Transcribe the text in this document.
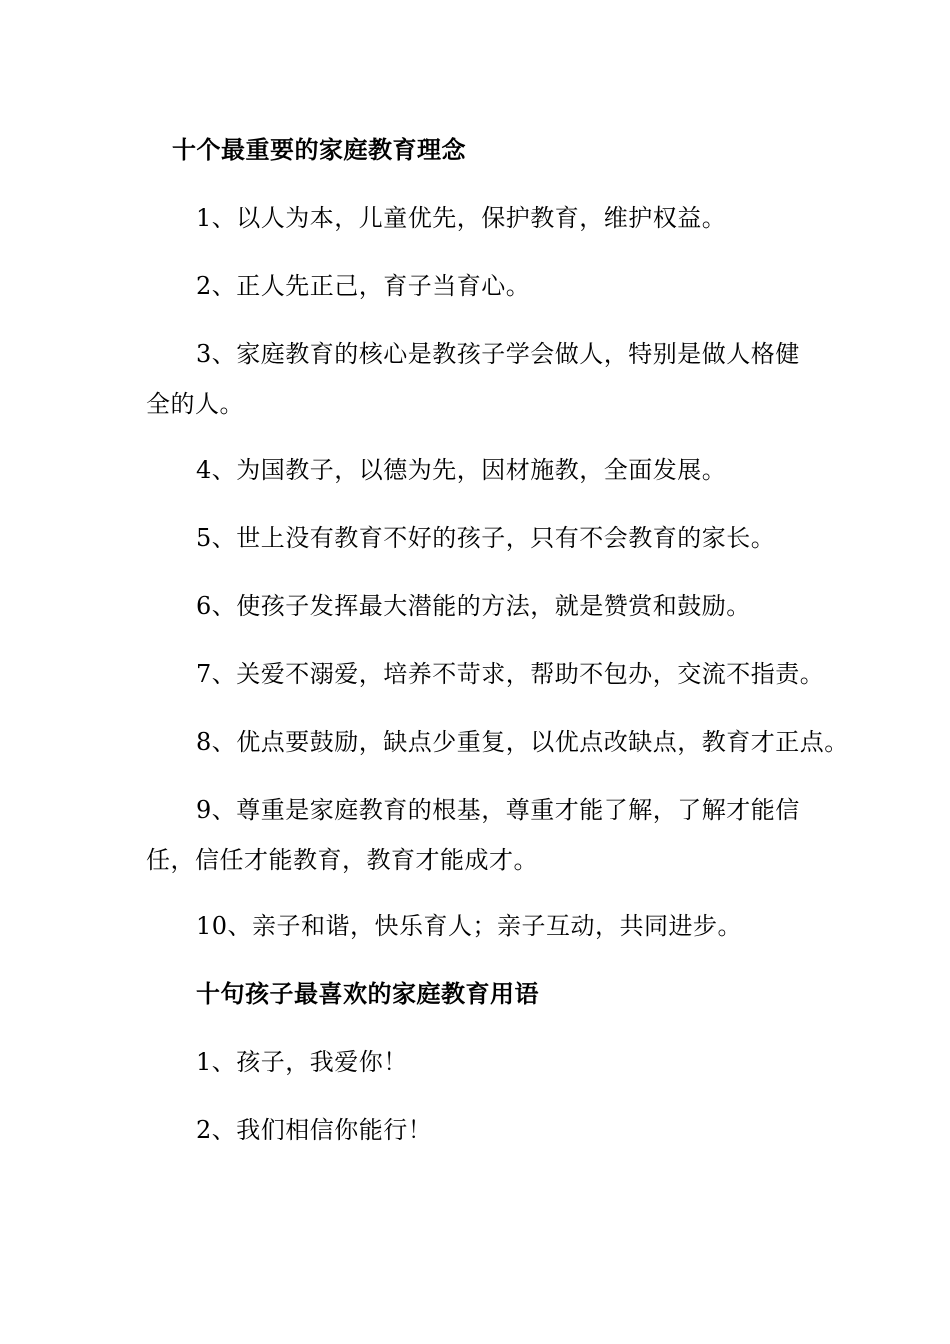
十个最重要的家庭教育理念
1、以人为本，儿童优先，保护教育，维护权益。
2、正人先正己，育子当育心。
3、家庭教育的核心是教孩子学会做人，特别是做人格健
全的人。
4、为国教子，以德为先，因材施教，全面发展。
5、世上没有教育不好的孩子，只有不会教育的家长。
6、使孩子发挥最大潜能的方法，就是赞赏和鼓励。
7、关爱不溺爱，培养不苛求，帮助不包办，交流不指责。
8、优点要鼓励，缺点少重复，以优点改缺点，教育才正点。
9、尊重是家庭教育的根基，尊重才能了解，了解才能信
任，信任才能教育，教育才能成才。
10、亲子和谐，快乐育人；亲子互动，共同进步。
十句孩子最喜欢的家庭教育用语
1、孩子，我爱你！
2、我们相信你能行！
